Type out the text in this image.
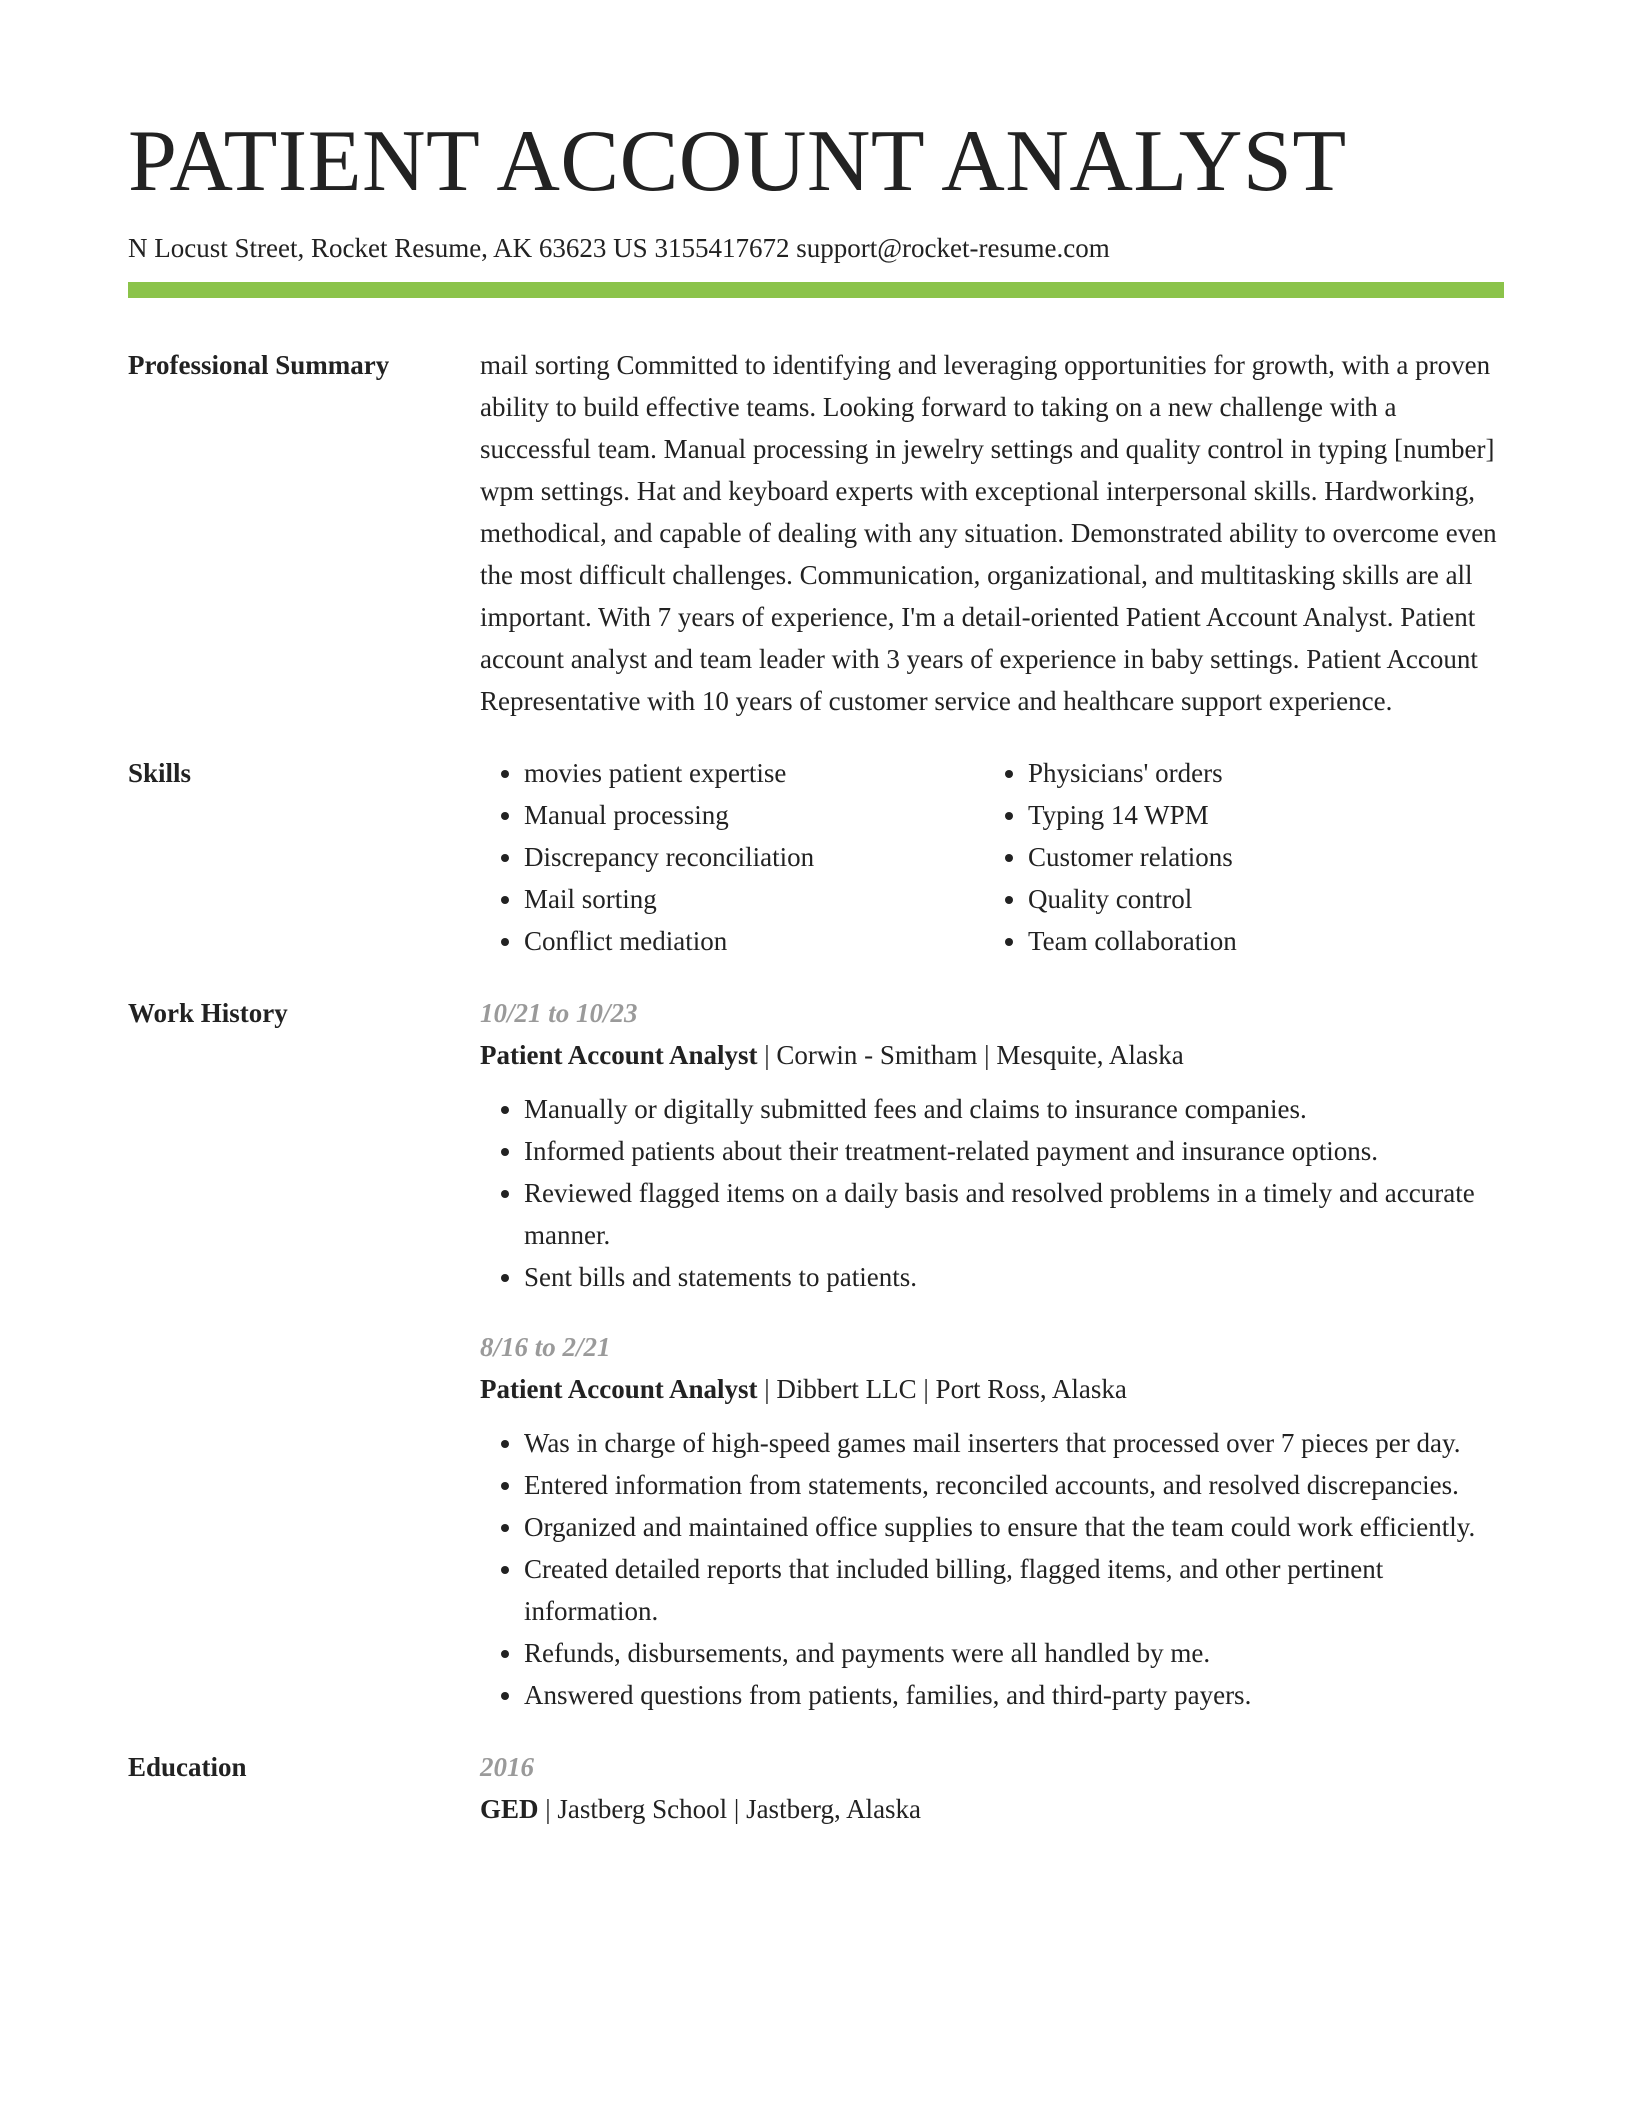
PATIENT ACCOUNT ANALYST
N Locust Street, Rocket Resume, AK 63623 US 3155417672 support@rocket-resume.com
Professional Summary	mail sorting Committed to identifying and leveraging opportunities for growth, with a proven ability to build effective teams. Looking forward to taking on a new challenge with a successful team. Manual processing in jewelry settings and quality control in typing [number] wpm settings. Hat and keyboard experts with exceptional interpersonal skills. Hardworking, methodical, and capable of dealing with any situation. Demonstrated ability to overcome even the most difficult challenges. Communication, organizational, and multitasking skills are all important. With 7 years of experience, I'm a detail-oriented Patient Account Analyst. Patient account analyst and team leader with 3 years of experience in baby settings. Patient Account Representative with 10 years of customer service and healthcare support experience.

Skills
•	movies patient expertise
• Manual processing
• Discrepancy reconciliation
• Mail sorting
• Conflict mediation
• Physicians' orders
• Typing 14 WPM
• Customer relations
• Quality control
• Team collaboration
Work History	10/21 to 10/23
Patient Account Analyst | Corwin - Smitham | Mesquite, Alaska
• Manually or digitally submitted fees and claims to insurance companies.
• Informed patients about their treatment-related payment and insurance options.
• Reviewed flagged items on a daily basis and resolved problems in a timely and accurate manner.
• Sent bills and statements to patients.
8/16 to 2/21
Patient Account Analyst | Dibbert LLC | Port Ross, Alaska
• Was in charge of high-speed games mail inserters that processed over 7 pieces per day.
• Entered information from statements, reconciled accounts, and resolved discrepancies.
• Organized and maintained office supplies to ensure that the team could work efficiently.
• Created detailed reports that included billing, flagged items, and other pertinent information.
• Refunds, disbursements, and payments were all handled by me.
• Answered questions from patients, families, and third-party payers.
Education	2016
GED | Jastberg School | Jastberg, Alaska
